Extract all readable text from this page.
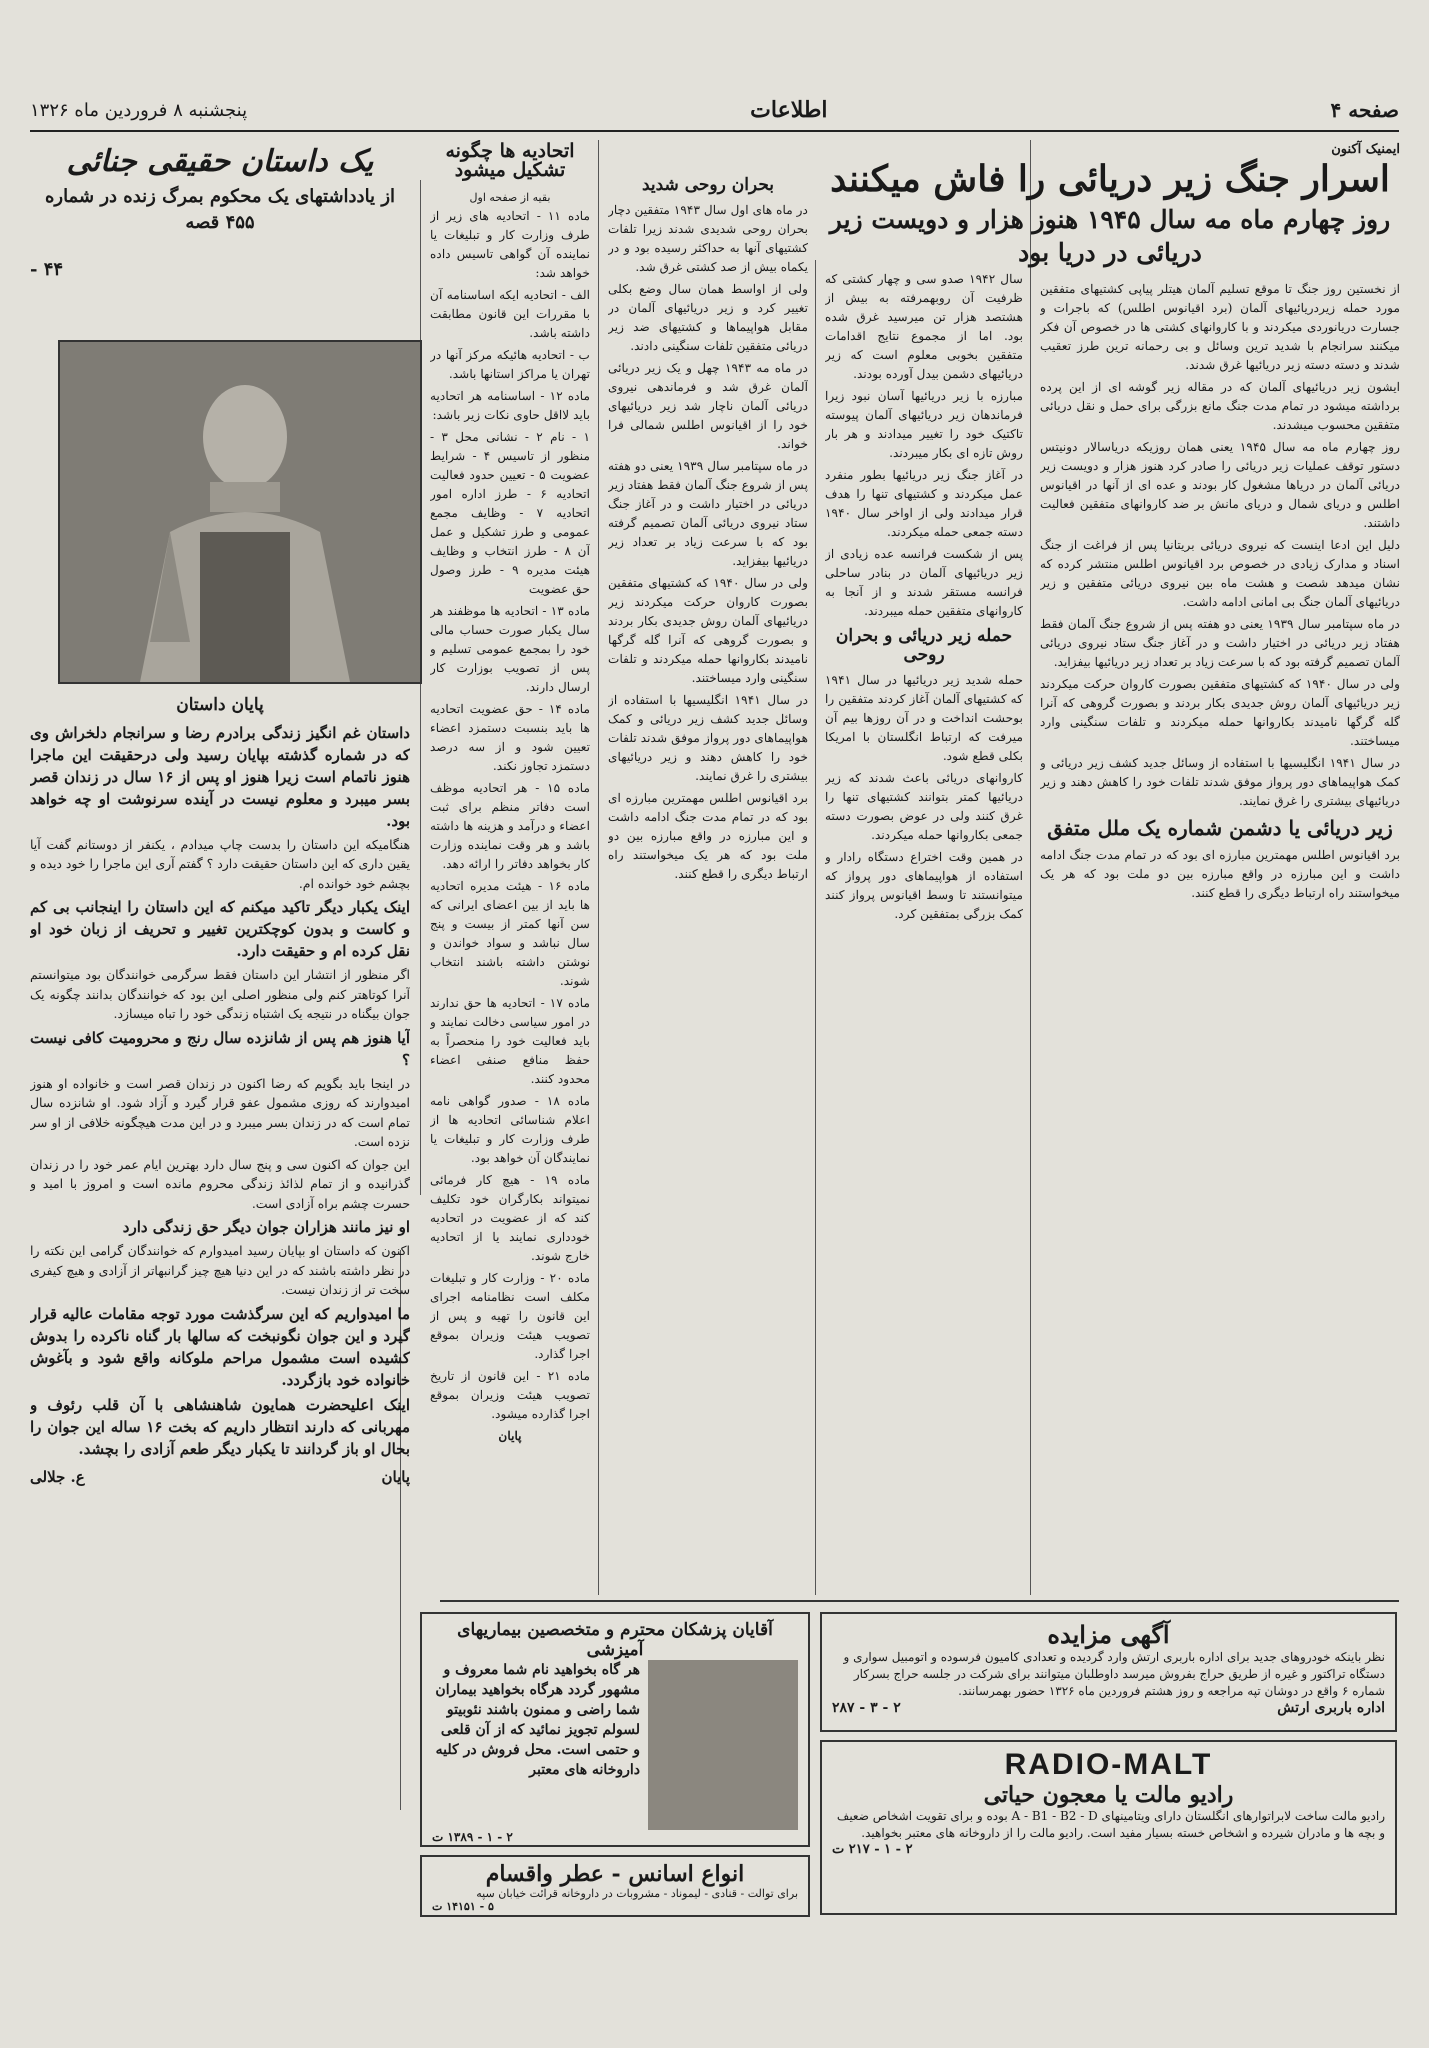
صفحه ۴
اطلاعات
پنجشنبه ۸ فروردین ماه ۱۳۲۶
ایمنیک آکنون
اسرار جنگ زیر دریائی را فاش میکنند
روز چهارم ماه مه سال ۱۹۴۵ هنوز هزار و دویست زیر دریائی در دریا بود

از نخستین روز جنگ تا موقع تسلیم آلمان هیتلر پیاپی کشتیهای متفقین مورد حمله زیردریائیهای آلمان (برد اقیانوس اطلس) که باجرات و جسارت دریانوردی میکردند و با کاروانهای کشتی ها در خصوص آن فکر میکنند سرانجام با شدید ترین وسائل و بی رحمانه ترین طرز تعقیب شدند و دسته دسته زیر دریائیها غرق شدند.

ایشون زیر دریائیهای آلمان که در مقاله زیر گوشه ای از این پرده برداشته میشود در تمام مدت جنگ مانع بزرگی برای حمل و نقل دریائی متفقین محسوب میشدند.

روز چهارم ماه مه سال ۱۹۴۵ یعنی همان روزیکه دریاسالار دونیتس دستور توقف عملیات زیر دریائی را صادر کرد هنوز هزار و دویست زیر دریائی آلمان در دریاها مشغول کار بودند و عده ای از آنها در اقیانوس اطلس و دریای شمال و دریای مانش بر ضد کاروانهای متفقین فعالیت داشتند.

دلیل این ادعا اینست که نیروی دریائی بریتانیا پس از فراغت از جنگ اسناد و مدارک زیادی در خصوص برد اقیانوس اطلس منتشر کرده که نشان میدهد شصت و هشت ماه بین نیروی دریائی متفقین و زیر دریائیهای آلمان جنگ بی امانی ادامه داشت.

در ماه سپتامبر سال ۱۹۳۹ یعنی دو هفته پس از شروع جنگ آلمان فقط هفتاد زیر دریائی در اختیار داشت و در آغاز جنگ ستاد نیروی دریائی آلمان تصمیم گرفته بود که با سرعت زیاد بر تعداد زیر دریائیها بیفزاید.

ولی در سال ۱۹۴۰ که کشتیهای متفقین بصورت کاروان حرکت میکردند زیر دریائیهای آلمان روش جدیدی بکار بردند و بصورت گروهی که آنرا گله گرگها نامیدند بکاروانها حمله میکردند و تلفات سنگینی وارد میساختند.

در سال ۱۹۴۱ انگلیسیها با استفاده از وسائل جدید کشف زیر دریائی و کمک هواپیماهای دور پرواز موفق شدند تلفات خود را کاهش دهند و زیر دریائیهای بیشتری را غرق نمایند.

زیر دریائی یا دشمن شماره یک ملل متفق

برد اقیانوس اطلس مهمترین مبارزه ای بود که در تمام مدت جنگ ادامه داشت و این مبارزه در واقع مبارزه بین دو ملت بود که هر یک میخواستند راه ارتباط دیگری را قطع کنند.

سال ۱۹۴۲ صدو سی و چهار کشتی که ظرفیت آن روبهمرفته به بیش از هشتصد هزار تن میرسید غرق شده بود. اما از مجموع نتایج اقدامات متفقین بخوبی معلوم است که زیر دریائیهای دشمن بیدل آورده بودند.

مبارزه با زیر دریائیها آسان نبود زیرا فرماندهان زیر دریائیهای آلمان پیوسته تاکتیک خود را تغییر میدادند و هر بار روش تازه ای بکار میبردند.

در آغاز جنگ زیر دریائیها بطور منفرد عمل میکردند و کشتیهای تنها را هدف قرار میدادند ولی از اواخر سال ۱۹۴۰ دسته جمعی حمله میکردند.

پس از شکست فرانسه عده زیادی از زیر دریائیهای آلمان در بنادر ساحلی فرانسه مستقر شدند و از آنجا به کاروانهای متفقین حمله میبردند.

حمله زیر دریائی و بحران روحی

حمله شدید زیر دریائیها در سال ۱۹۴۱ که کشتیهای آلمان آغاز کردند متفقین را بوحشت انداخت و در آن روزها بیم آن میرفت که ارتباط انگلستان با امریکا بکلی قطع شود.

کاروانهای دریائی باعث شدند که زیر دریائیها کمتر بتوانند کشتیهای تنها را غرق کنند ولی در عوض بصورت دسته جمعی بکاروانها حمله میکردند.

در همین وقت اختراع دستگاه رادار و استفاده از هواپیماهای دور پرواز که میتوانستند تا وسط اقیانوس پرواز کنند کمک بزرگی بمتفقین کرد.

بحران روحی شدید

در ماه های اول سال ۱۹۴۳ متفقین دچار بحران روحی شدیدی شدند زیرا تلفات کشتیهای آنها به حداکثر رسیده بود و در یکماه بیش از صد کشتی غرق شد.

ولی از اواسط همان سال وضع بکلی تغییر کرد و زیر دریائیهای آلمان در مقابل هواپیماها و کشتیهای ضد زیر دریائی متفقین تلفات سنگینی دادند.

در ماه مه ۱۹۴۳ چهل و یک زیر دریائی آلمان غرق شد و فرماندهی نیروی دریائی آلمان ناچار شد زیر دریائیهای خود را از اقیانوس اطلس شمالی فرا خواند.

در ماه سپتامبر سال ۱۹۳۹ یعنی دو هفته پس از شروع جنگ آلمان فقط هفتاد زیر دریائی در اختیار داشت و در آغاز جنگ ستاد نیروی دریائی آلمان تصمیم گرفته بود که با سرعت زیاد بر تعداد زیر دریائیها بیفزاید.

ولی در سال ۱۹۴۰ که کشتیهای متفقین بصورت کاروان حرکت میکردند زیر دریائیهای آلمان روش جدیدی بکار بردند و بصورت گروهی که آنرا گله گرگها نامیدند بکاروانها حمله میکردند و تلفات سنگینی وارد میساختند.

در سال ۱۹۴۱ انگلیسیها با استفاده از وسائل جدید کشف زیر دریائی و کمک هواپیماهای دور پرواز موفق شدند تلفات خود را کاهش دهند و زیر دریائیهای بیشتری را غرق نمایند.

برد اقیانوس اطلس مهمترین مبارزه ای بود که در تمام مدت جنگ ادامه داشت و این مبارزه در واقع مبارزه بین دو ملت بود که هر یک میخواستند راه ارتباط دیگری را قطع کنند.

اتحادیه ها چگونه تشکیل میشود
بقیه از صفحه اول

ماده ۱۱ - اتحادیه های زیر از طرف وزارت کار و تبلیغات یا نماینده آن گواهی تاسیس داده خواهد شد:

الف - اتحادیه ایکه اساسنامه آن با مقررات این قانون مطابقت داشته باشد.

ب - اتحادیه هائیکه مرکز آنها در تهران یا مراکز استانها باشد.

ماده ۱۲ - اساسنامه هر اتحادیه باید لااقل حاوی نکات زیر باشد:

۱ - نام ۲ - نشانی محل ۳ - منظور از تاسیس ۴ - شرایط عضویت ۵ - تعیین حدود فعالیت اتحادیه ۶ - طرز اداره امور اتحادیه ۷ - وظایف مجمع عمومی و طرز تشکیل و عمل آن ۸ - طرز انتخاب و وظایف هیئت مدیره ۹ - طرز وصول حق عضویت

ماده ۱۳ - اتحادیه ها موظفند هر سال یکبار صورت حساب مالی خود را بمجمع عمومی تسلیم و پس از تصویب بوزارت کار ارسال دارند.

ماده ۱۴ - حق عضویت اتحادیه ها باید بنسبت دستمزد اعضاء تعیین شود و از سه درصد دستمزد تجاوز نکند.

ماده ۱۵ - هر اتحادیه موظف است دفاتر منظم برای ثبت اعضاء و درآمد و هزینه ها داشته باشد و هر وقت نماینده وزارت کار بخواهد دفاتر را ارائه دهد.

ماده ۱۶ - هیئت مدیره اتحادیه ها باید از بین اعضای ایرانی که سن آنها کمتر از بیست و پنج سال نباشد و سواد خواندن و نوشتن داشته باشند انتخاب شوند.

ماده ۱۷ - اتحادیه ها حق ندارند در امور سیاسی دخالت نمایند و باید فعالیت خود را منحصراً به حفظ منافع صنفی اعضاء محدود کنند.

ماده ۱۸ - صدور گواهی نامه اعلام شناسائی اتحادیه ها از طرف وزارت کار و تبلیغات یا نمایندگان آن خواهد بود.

ماده ۱۹ - هیچ کار فرمائی نمیتواند بکارگران خود تکلیف کند که از عضویت در اتحادیه خودداری نمایند یا از اتحادیه خارج شوند.

ماده ۲۰ - وزارت کار و تبلیغات مکلف است نظامنامه اجرای این قانون را تهیه و پس از تصویب هیئت وزیران بموقع اجرا گذارد.

ماده ۲۱ - این قانون از تاریخ تصویب هیئت وزیران بموقع اجرا گذارده میشود.

پایان

یک داستان حقیقی جنائی
از یادداشتهای یک محکوم بمرگ زنده در شماره ۴۵۵ قصه
۴۴ -
پایان داستان

داستان غم انگیز زندگی برادرم رضا و سرانجام دلخراش وی که در شماره گذشته بپایان رسید ولی درحقیقت این ماجرا هنوز ناتمام است زیرا هنوز او پس از ۱۶ سال در زندان قصر بسر میبرد و معلوم نیست در آینده سرنوشت او چه خواهد بود.

هنگامیکه این داستان را بدست چاپ میدادم ، یکنفر از دوستانم گفت آیا یقین داری که این داستان حقیقت دارد ؟ گفتم آری این ماجرا را خود دیده و بچشم خود خوانده ام.

اینک یکبار دیگر تاکید میکنم که این داستان را اینجانب بی کم و کاست و بدون کوچکترین تغییر و تحریف از زبان خود او نقل کرده ام و حقیقت دارد.

اگر منظور از انتشار این داستان فقط سرگرمی خوانندگان بود میتوانستم آنرا کوتاهتر کنم ولی منظور اصلی این بود که خوانندگان بدانند چگونه یک جوان بیگناه در نتیجه یک اشتباه زندگی خود را تباه میسازد.

آیا هنوز هم پس از شانزده سال رنج و محرومیت کافی نیست ؟

در اینجا باید بگویم که رضا اکنون در زندان قصر است و خانواده او هنوز امیدوارند که روزی مشمول عفو قرار گیرد و آزاد شود. او شانزده سال تمام است که در زندان بسر میبرد و در این مدت هیچگونه خلافی از او سر نزده است.

این جوان که اکنون سی و پنج سال دارد بهترین ایام عمر خود را در زندان گذرانیده و از تمام لذائذ زندگی محروم مانده است و امروز با امید و حسرت چشم براه آزادی است.

او نیز مانند هزاران جوان دیگر حق زندگی دارد

اکنون که داستان او بپایان رسید امیدوارم که خوانندگان گرامی این نکته را در نظر داشته باشند که در این دنیا هیچ چیز گرانبهاتر از آزادی و هیچ کیفری سخت تر از زندان نیست.

ما امیدواریم که این سرگذشت مورد توجه مقامات عالیه قرار گیرد و این جوان نگونبخت که سالها بار گناه ناکرده را بدوش کشیده است مشمول مراحم ملوکانه واقع شود و بآغوش خانواده خود بازگردد.

اینک اعلیحضرت همایون شاهنشاهی با آن قلب رئوف و مهربانی که دارند انتظار داریم که بخت ۱۶ ساله این جوان را بحال او باز گردانند تا یکبار دیگر طعم آزادی را بچشد.

پایان
ع. جلالی
آگهی مزایده
نظر باینکه خودروهای جدید برای اداره باربری ارتش وارد گردیده و تعدادی کامیون فرسوده و اتومبیل سواری و دستگاه تراکتور و غیره از طریق حراج بفروش میرسد داوطلبان میتوانند برای شرکت در جلسه حراج بسرکار شماره ۶ واقع در دوشان تپه مراجعه و روز هشتم فروردین ماه ۱۳۲۶ حضور بهمرسانند.
اداره باربری ارتش
۲ - ۳ - ۲۸۷
RADIO-MALT
رادیو مالت یا معجون حیاتی
رادیو مالت ساخت لابراتوارهای انگلستان دارای ویتامینهای A - B1 - B2 - D بوده و برای تقویت اشخاص ضعیف و بچه ها و مادران شیرده و اشخاص خسته بسیار مفید است. رادیو مالت را از داروخانه های معتبر بخواهید.
۲ - ۱ - ۲۱۷ ت
آقایان پزشکان محترم و متخصصین بیماریهای آمیزشی
هر گاه بخواهید نام شما معروف و مشهور گردد هرگاه بخواهید بیماران شما راضی و ممنون باشند نئوبیتو لسولم تجویز نمائید که از آن قلعی و حتمی است. محل فروش در کلیه داروخانه های معتبر
۲ - ۱ - ۱۳۸۹ ت
انواع اسانس - عطر واقسام
برای توالت - قنادی - لیموناد - مشروبات در داروخانه قرائت خیابان سپه
۵ - ۱۴۱۵۱ ت
